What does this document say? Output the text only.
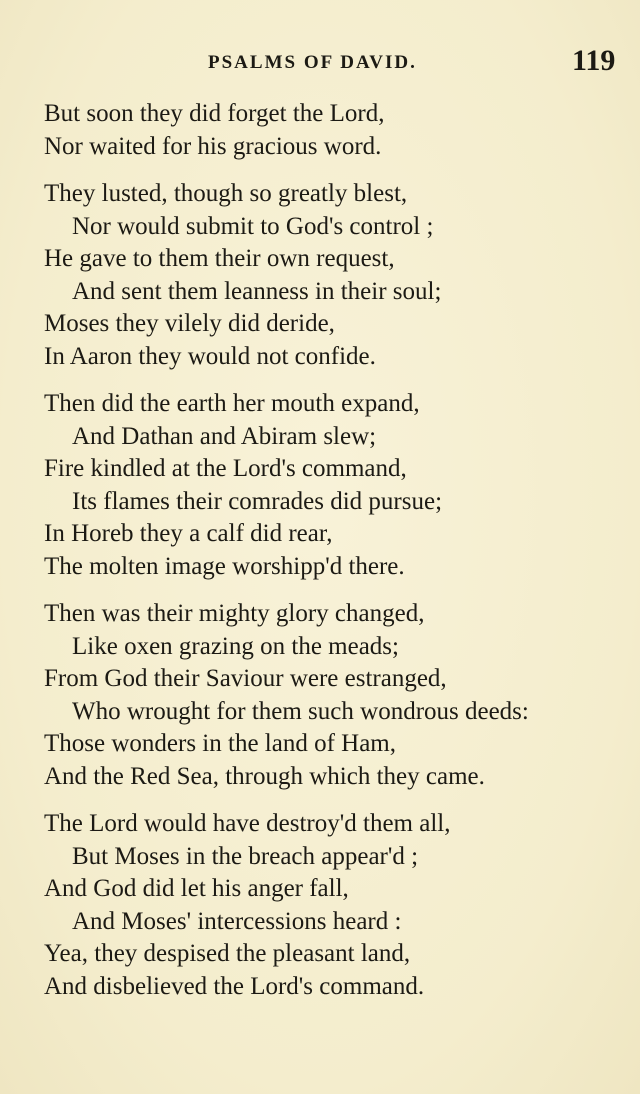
PSALMS OF DAVID.	119
But soon they did forget the Lord,
Nor waited for his gracious word.
They lusted, though so greatly blest,
Nor would submit to God's control ;
He gave to them their own request,
And sent them leanness in their soul;
Moses they vilely did deride,
In Aaron they would not confide.
Then did the earth her mouth expand,
And Dathan and Abiram slew;
Fire kindled at the Lord's command,
Its flames their comrades did pursue;
In Horeb they a calf did rear,
The molten image worshipp'd there.
Then was their mighty glory changed,
Like oxen grazing on the meads;
From God their Saviour were estranged,
Who wrought for them such wondrous deeds:
Those wonders in the land of Ham,
And the Red Sea, through which they came.
The Lord would have destroy'd them all,
But Moses in the breach appear'd ;
And God did let his anger fall,
And Moses' intercessions heard :
Yea, they despised the pleasant land,
And disbelieved the Lord's command.
